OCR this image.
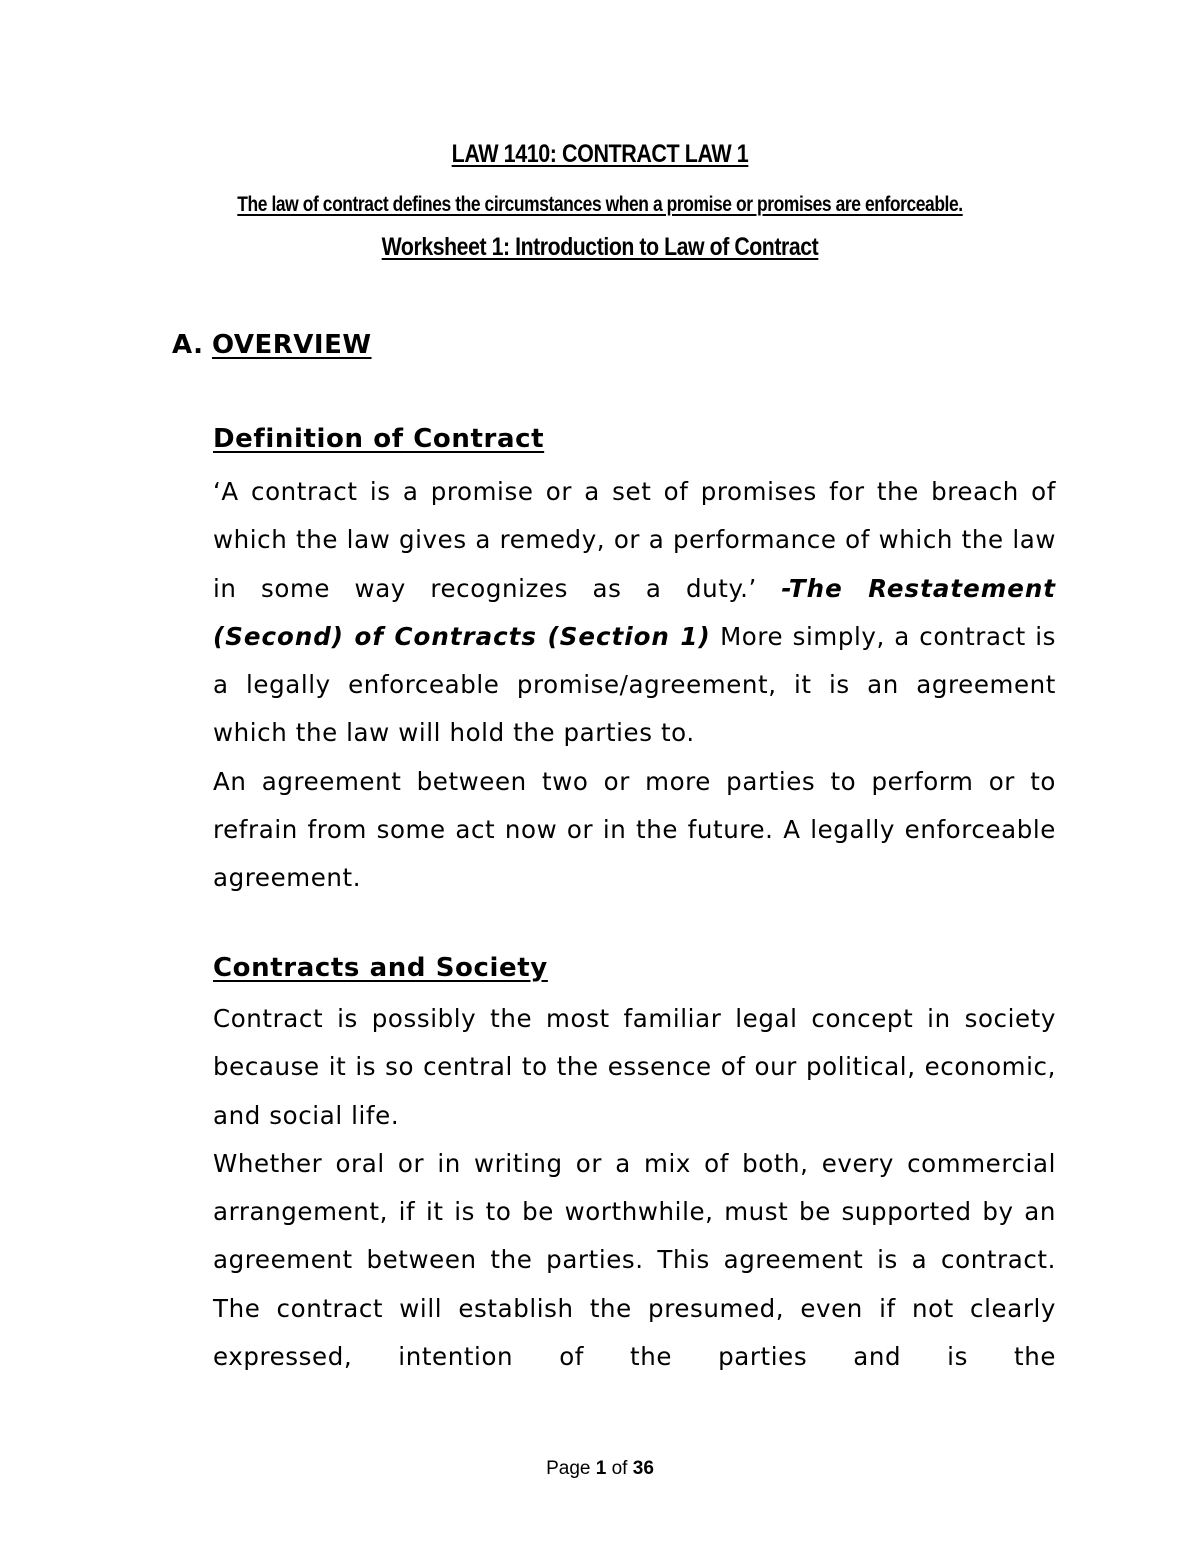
LAW 1410: CONTRACT LAW 1
The law of contract defines the circumstances when a promise or promises are enforceable.
Worksheet 1: Introduction to Law of Contract
A. OVERVIEW
Definition of Contract

‘A contract is a promise or a set of promises for the breach of which the law gives a remedy, or a performance of which the law in some way recognizes as a duty.’ -The Restatement (Second) of Contracts (Section 1) More simply, a contract is a legally enforceable promise/agreement, it is an agreement which the law will hold the parties to.

An agreement between two or more parties to perform or to refrain from some act now or in the future. A legally enforceable agreement.

Contracts and Society

Contract is possibly the most familiar legal concept in society because it is so central to the essence of our political, economic, and social life.

Whether oral or in writing or a mix of both, every commercial arrangement, if it is to be worthwhile, must be supported by an agreement between the parties. This agreement is a contract. The contract will establish the presumed, even if not clearly expressed, intention of the parties and is the

Page 1 of 36
